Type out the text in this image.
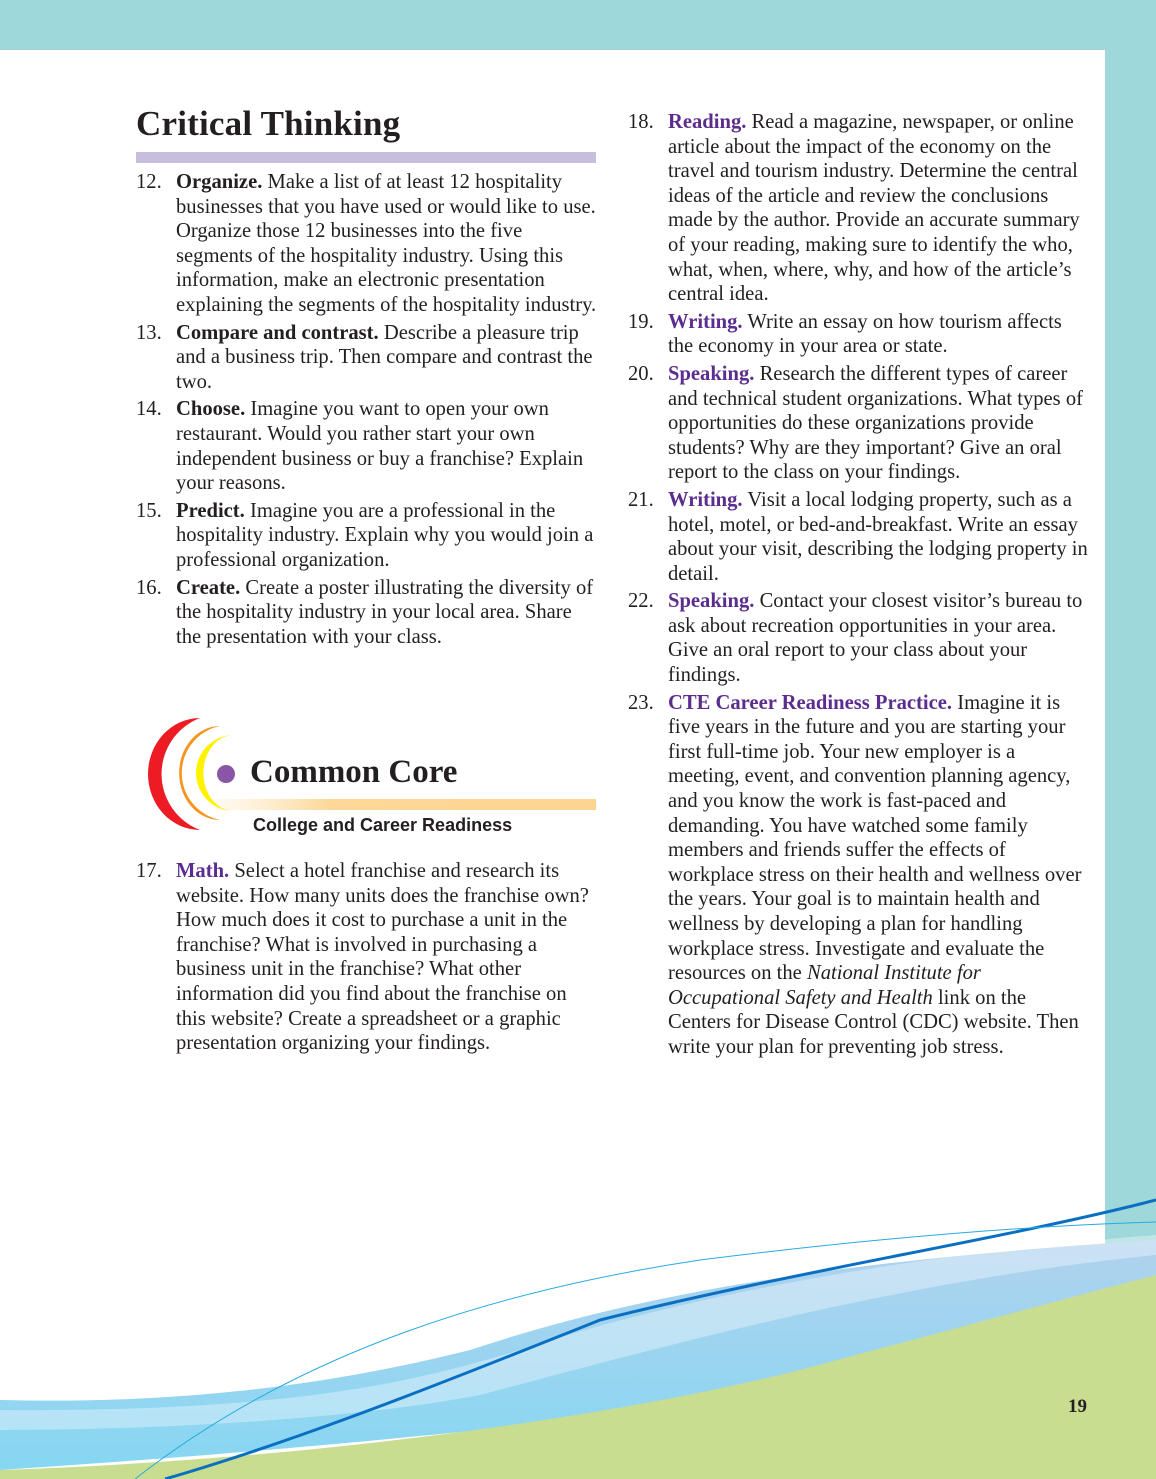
Critical Thinking
12. Organize. Make a list of at least 12 hospitality businesses that you have used or would like to use. Organize those 12 businesses into the five segments of the hospitality industry. Using this information, make an electronic presentation explaining the segments of the hospitality industry.
13. Compare and contrast. Describe a pleasure trip and a business trip. Then compare and contrast the two.
14. Choose. Imagine you want to open your own restaurant. Would you rather start your own independent business or buy a franchise? Explain your reasons.
15. Predict. Imagine you are a professional in the hospitality industry. Explain why you would join a professional organization.
16. Create. Create a poster illustrating the diversity of the hospitality industry in your local area. Share the presentation with your class.
Common Core
College and Career Readiness
17. Math. Select a hotel franchise and research its website. How many units does the franchise own? How much does it cost to purchase a unit in the franchise? What is involved in purchasing a business unit in the franchise? What other information did you find about the franchise on this website? Create a spreadsheet or a graphic presentation organizing your findings.
18. Reading. Read a magazine, newspaper, or online article about the impact of the economy on the travel and tourism industry. Determine the central ideas of the article and review the conclusions made by the author. Provide an accurate summary of your reading, making sure to identify the who, what, when, where, why, and how of the article’s central idea.
19. Writing. Write an essay on how tourism affects the economy in your area or state.
20. Speaking. Research the different types of career and technical student organizations. What types of opportunities do these organizations provide students? Why are they important? Give an oral report to the class on your findings.
21. Writing. Visit a local lodging property, such as a hotel, motel, or bed-and-breakfast. Write an essay about your visit, describing the lodging property in detail.
22. Speaking. Contact your closest visitor’s bureau to ask about recreation opportunities in your area. Give an oral report to your class about your findings.
23. CTE Career Readiness Practice. Imagine it is five years in the future and you are starting your first full-time job. Your new employer is a meeting, event, and convention planning agency, and you know the work is fast-paced and demanding. You have watched some family members and friends suffer the effects of workplace stress on their health and wellness over the years. Your goal is to maintain health and wellness by developing a plan for handling workplace stress. Investigate and evaluate the resources on the National Institute for Occupational Safety and Health link on the Centers for Disease Control (CDC) website. Then write your plan for preventing job stress.
19
